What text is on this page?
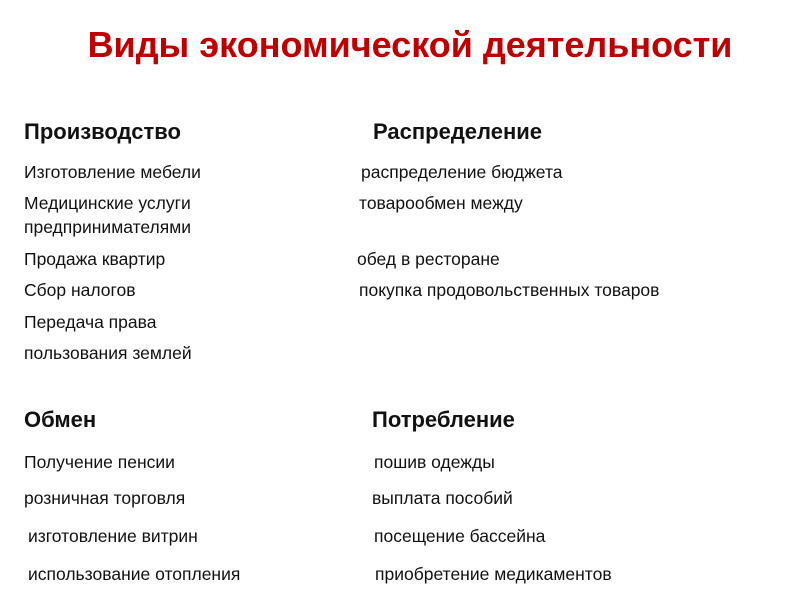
Виды экономической деятельности
Производство
Изготовление мебели
Медицинские услуги
предпринимателями
Продажа квартир
Сбор налогов
Передача права
пользования землей
Распределение
распределение бюджета
товарообмен между
обед в ресторане
покупка продовольственных товаров
Обмен
Получение пенсии
розничная торговля
изготовление витрин
использование отопления
Потребление
пошив одежды
выплата пособий
посещение бассейна
приобретение медикаментов
